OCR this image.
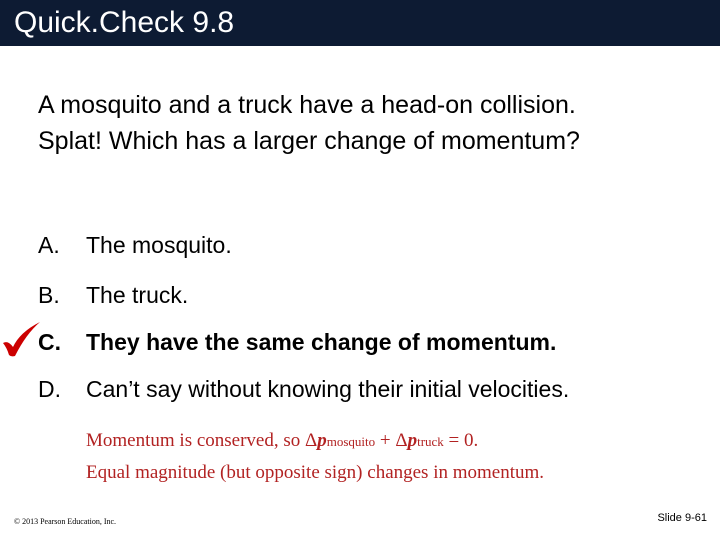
Quick.Check 9.8
A mosquito and a truck have a head-on collision.
Splat! Which has a larger change of momentum?
A. The mosquito.
B. The truck.
C. They have the same change of momentum.
D. Can’t say without knowing their initial velocities.
Momentum is conserved, so Δpmosquito + Δptruck = 0.
Equal magnitude (but opposite sign) changes in momentum.
© 2013 Pearson Education, Inc.	Slide 9-61
